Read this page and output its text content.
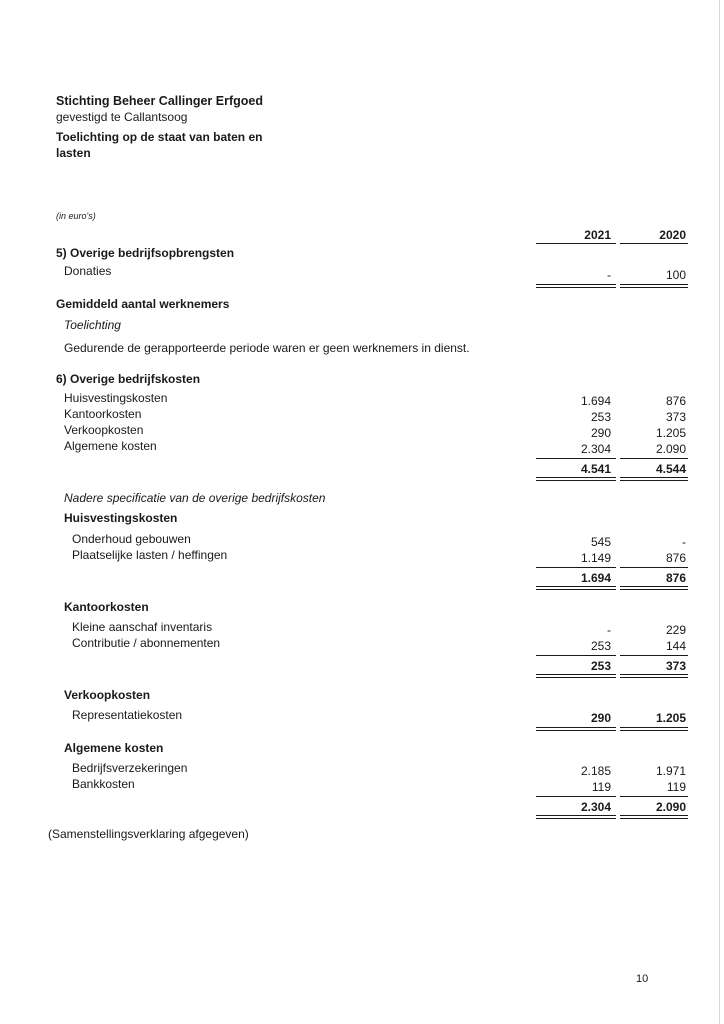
Stichting Beheer Callinger Erfgoed
gevestigd te Callantsoog
Toelichting op de staat van baten en
lasten
(in euro's)
2021	2020
5) Overige bedrijfsopbrengsten
Donaties	-	100
Gemiddeld aantal werknemers
Toelichting
Gedurende de gerapporteerde periode waren er geen werknemers in dienst.
6) Overige bedrijfskosten
Huisvestingskosten	1.694	876
Kantoorkosten	253	373
Verkoopkosten	290	1.205
Algemene kosten	2.304	2.090
4.541	4.544
Nadere specificatie van de overige bedrijfskosten
Huisvestingskosten
Onderhoud gebouwen	545	-
Plaatselijke lasten / heffingen	1.149	876
1.694	876
Kantoorkosten
Kleine aanschaf inventaris	-	229
Contributie / abonnementen	253	144
253	373
Verkoopkosten
Representatiekosten	290	1.205
Algemene kosten
Bedrijfsverzekeringen	2.185	1.971
Bankkosten	119	119
2.304	2.090
(Samenstellingsverklaring afgegeven)
10
